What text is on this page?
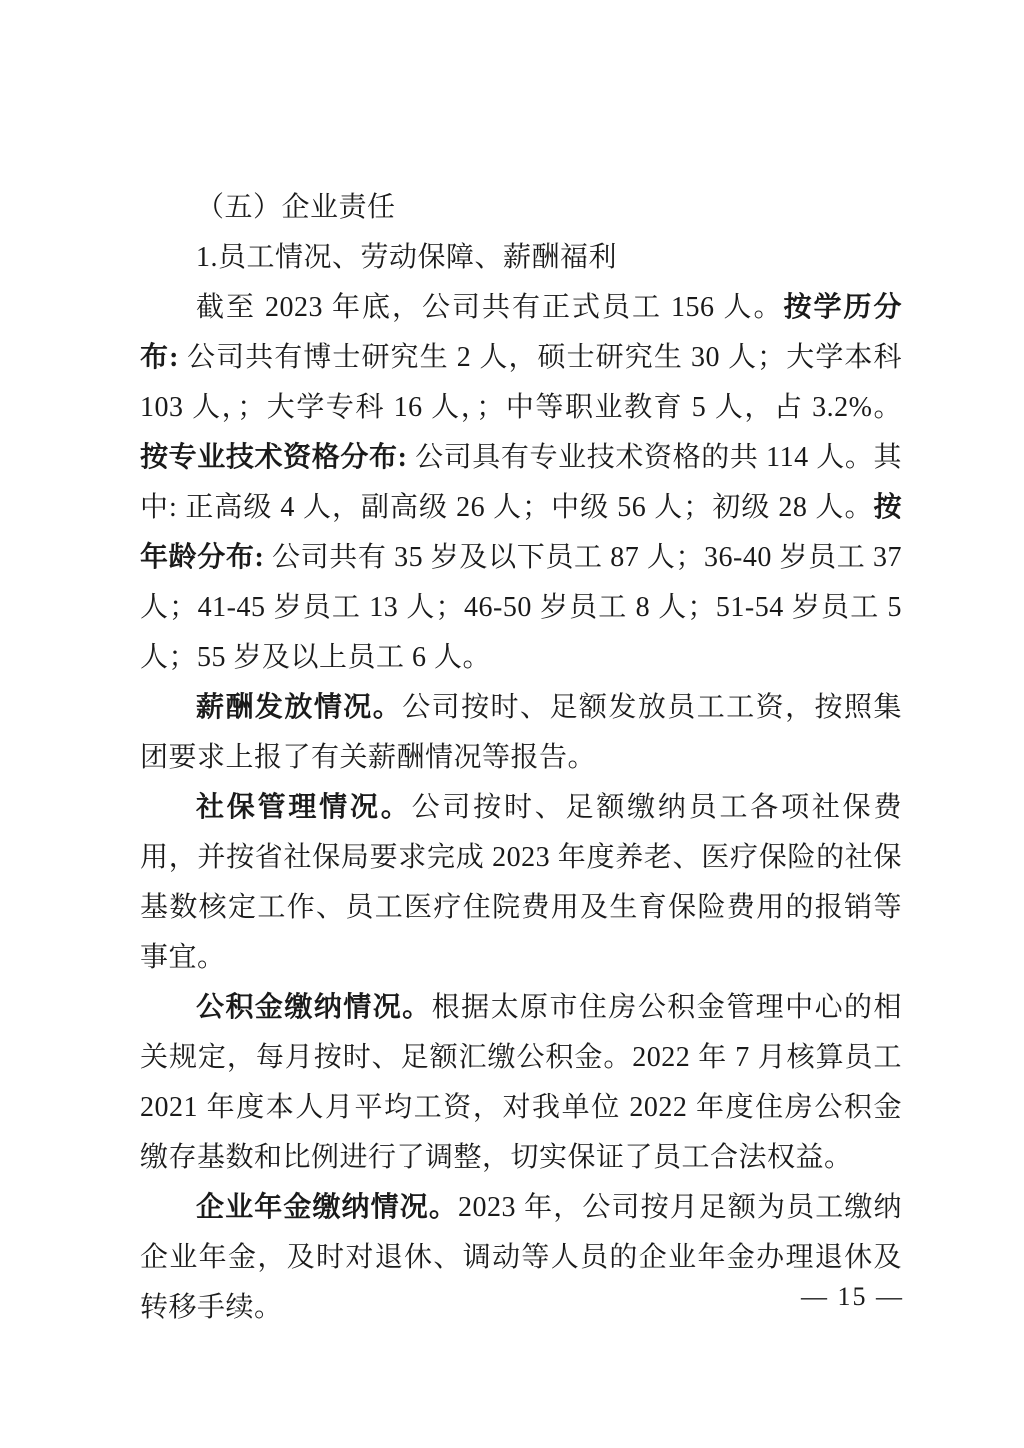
（五）企业责任

1.员工情况、劳动保障、薪酬福利

截至 2023 年底，公司共有正式员工 156 人。按学历分布: 公司共有博士研究生 2 人，硕士研究生 30 人；大学本科 103 人，；大学专科 16 人，；中等职业教育 5 人，占 3.2%。按专业技术资格分布: 公司具有专业技术资格的共 114 人。其中: 正高级 4 人，副高级 26 人；中级 56 人；初级 28 人。按年龄分布: 公司共有 35 岁及以下员工 87 人；36-40 岁员工 37 人；41-45 岁员工 13 人；46-50 岁员工 8 人；51-54 岁员工 5 人；55 岁及以上员工 6 人。

薪酬发放情况。公司按时、足额发放员工工资，按照集团要求上报了有关薪酬情况等报告。

社保管理情况。公司按时、足额缴纳员工各项社保费用，并按省社保局要求完成 2023 年度养老、医疗保险的社保基数核定工作、员工医疗住院费用及生育保险费用的报销等事宜。

公积金缴纳情况。根据太原市住房公积金管理中心的相关规定，每月按时、足额汇缴公积金。2022 年 7 月核算员工 2021 年度本人月平均工资，对我单位 2022 年度住房公积金缴存基数和比例进行了调整，切实保证了员工合法权益。

企业年金缴纳情况。2023 年，公司按月足额为员工缴纳企业年金，及时对退休、调动等人员的企业年金办理退休及转移手续。	— 15 —
